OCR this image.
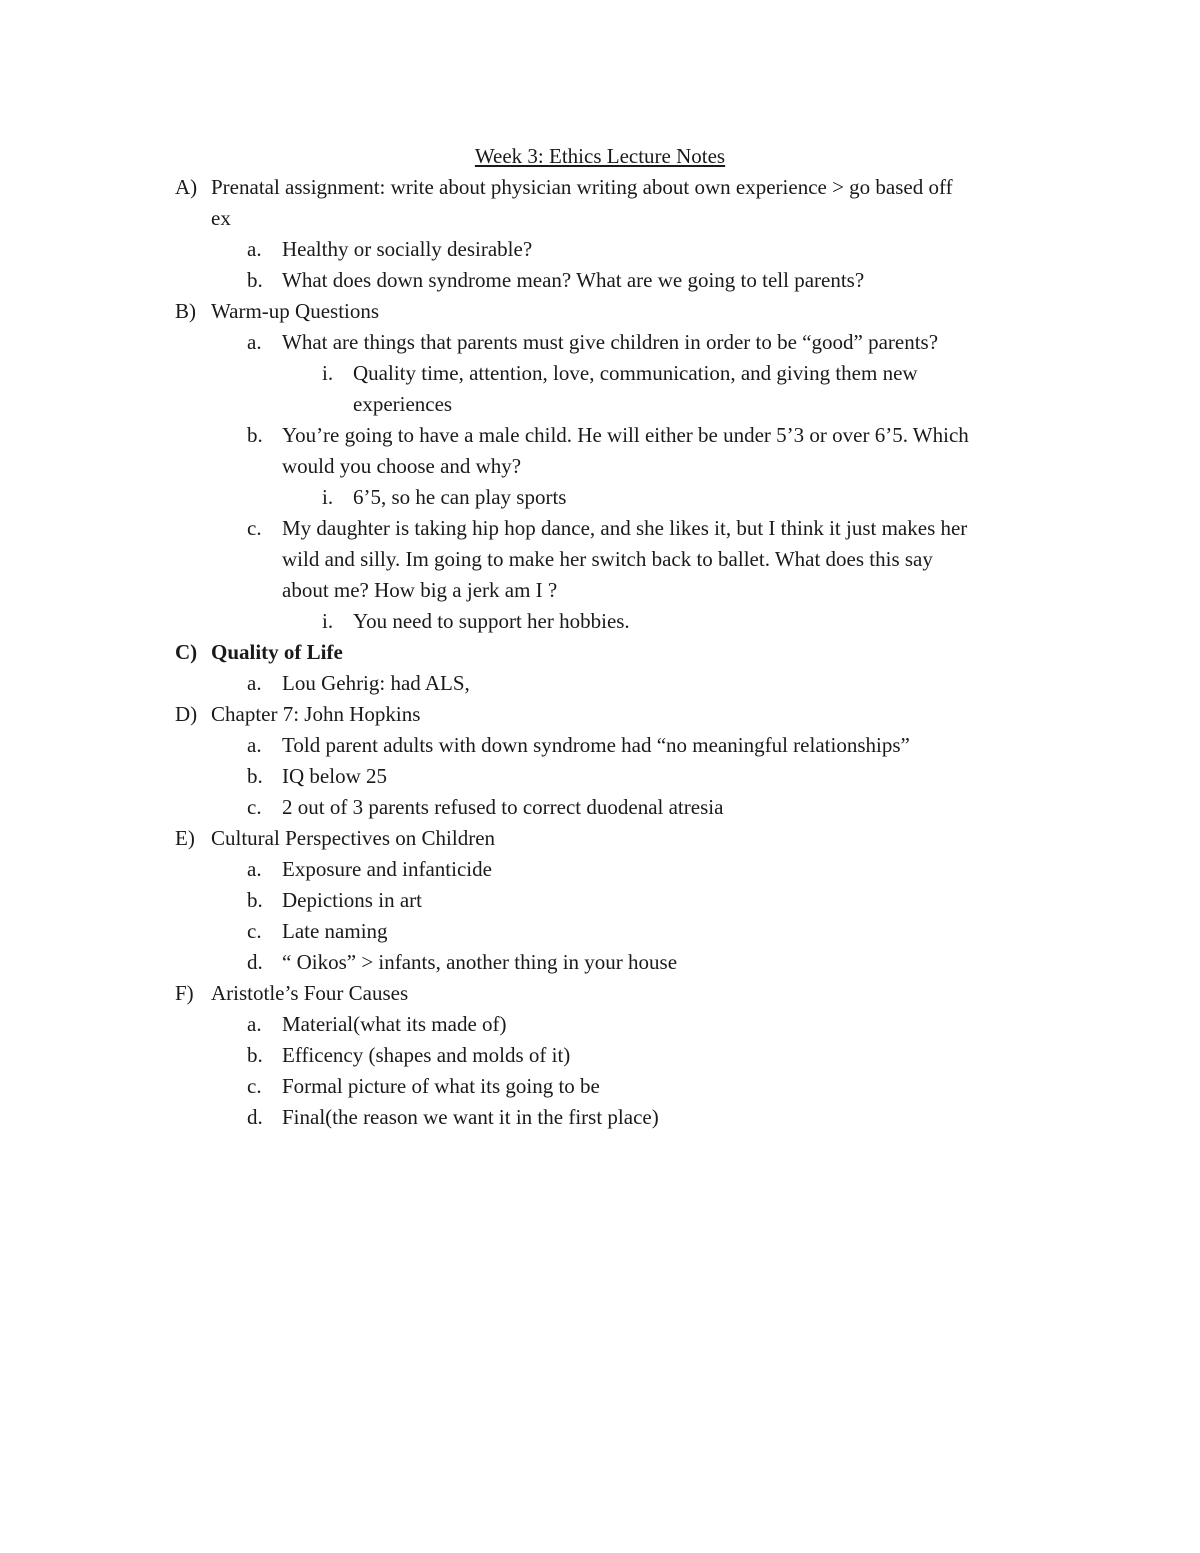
Week 3: Ethics Lecture Notes
A) Prenatal assignment: write about physician writing about own experience > go based off
ex
a. Healthy or socially desirable?
b. What does down syndrome mean? What are we going to tell parents?
B) Warm-up Questions
a. What are things that parents must give children in order to be “good” parents?
i. Quality time, attention, love, communication, and giving them new
experiences
b. You’re going to have a male child. He will either be under 5’3 or over 6’5. Which
would you choose and why?
i. 6’5, so he can play sports
c. My daughter is taking hip hop dance, and she likes it, but I think it just makes her
wild and silly. Im going to make her switch back to ballet. What does this say
about me? How big a jerk am I ?
i. You need to support her hobbies.
C) Quality of Life
a. Lou Gehrig: had ALS,
D) Chapter 7: John Hopkins
a. Told parent adults with down syndrome had “no meaningful relationships”
b. IQ below 25
c. 2 out of 3 parents refused to correct duodenal atresia
E) Cultural Perspectives on Children
a. Exposure and infanticide
b. Depictions in art
c. Late naming
d. “ Oikos” > infants, another thing in your house
F) Aristotle’s Four Causes
a. Material(what its made of)
b. Efficency (shapes and molds of it)
c. Formal picture of what its going to be
d. Final(the reason we want it in the first place)
